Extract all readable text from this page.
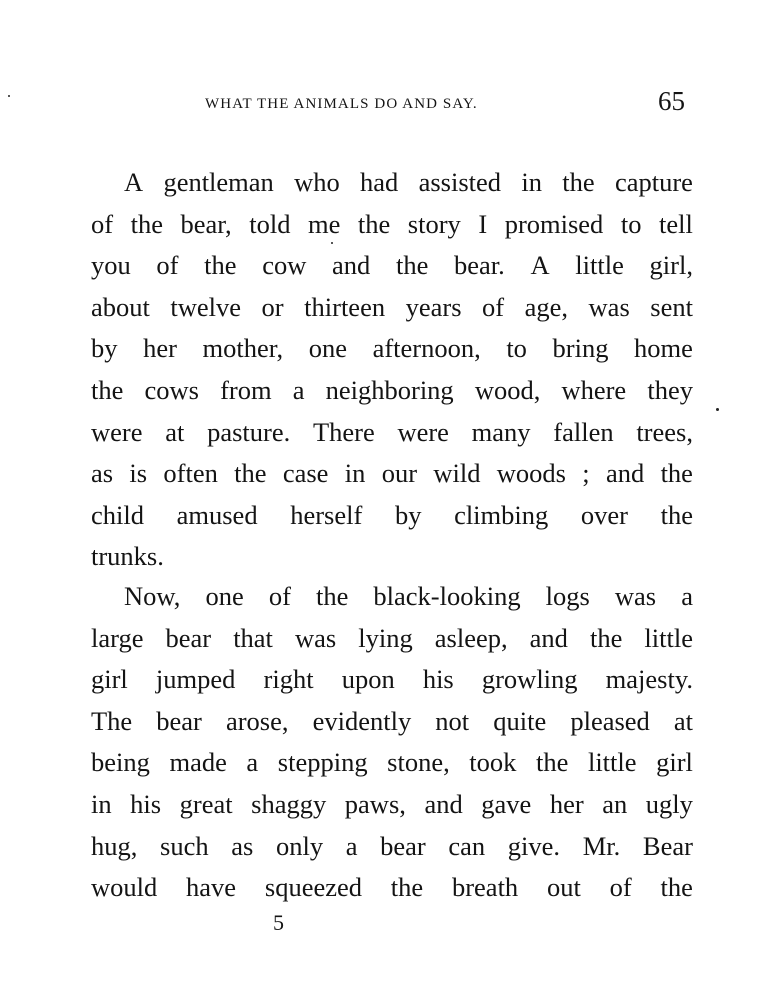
WHAT THE ANIMALS DO AND SAY.	65
A gentleman who had assisted in the capture
of the bear, told me the story I promised to tell
you of the cow and the bear. A little girl,
about twelve or thirteen years of age, was sent
by her mother, one afternoon, to bring home
the cows from a neighboring wood, where they
were at pasture. There were many fallen trees,
as is often the case in our wild woods ; and the
child amused herself by climbing over the
trunks.
Now, one of the black-looking logs was a
large bear that was lying asleep, and the little
girl jumped right upon his growling majesty.
The bear arose, evidently not quite pleased at
being made a stepping stone, took the little girl
in his great shaggy paws, and gave her an ugly
hug, such as only a bear can give. Mr. Bear
would have squeezed the breath out of the
5
